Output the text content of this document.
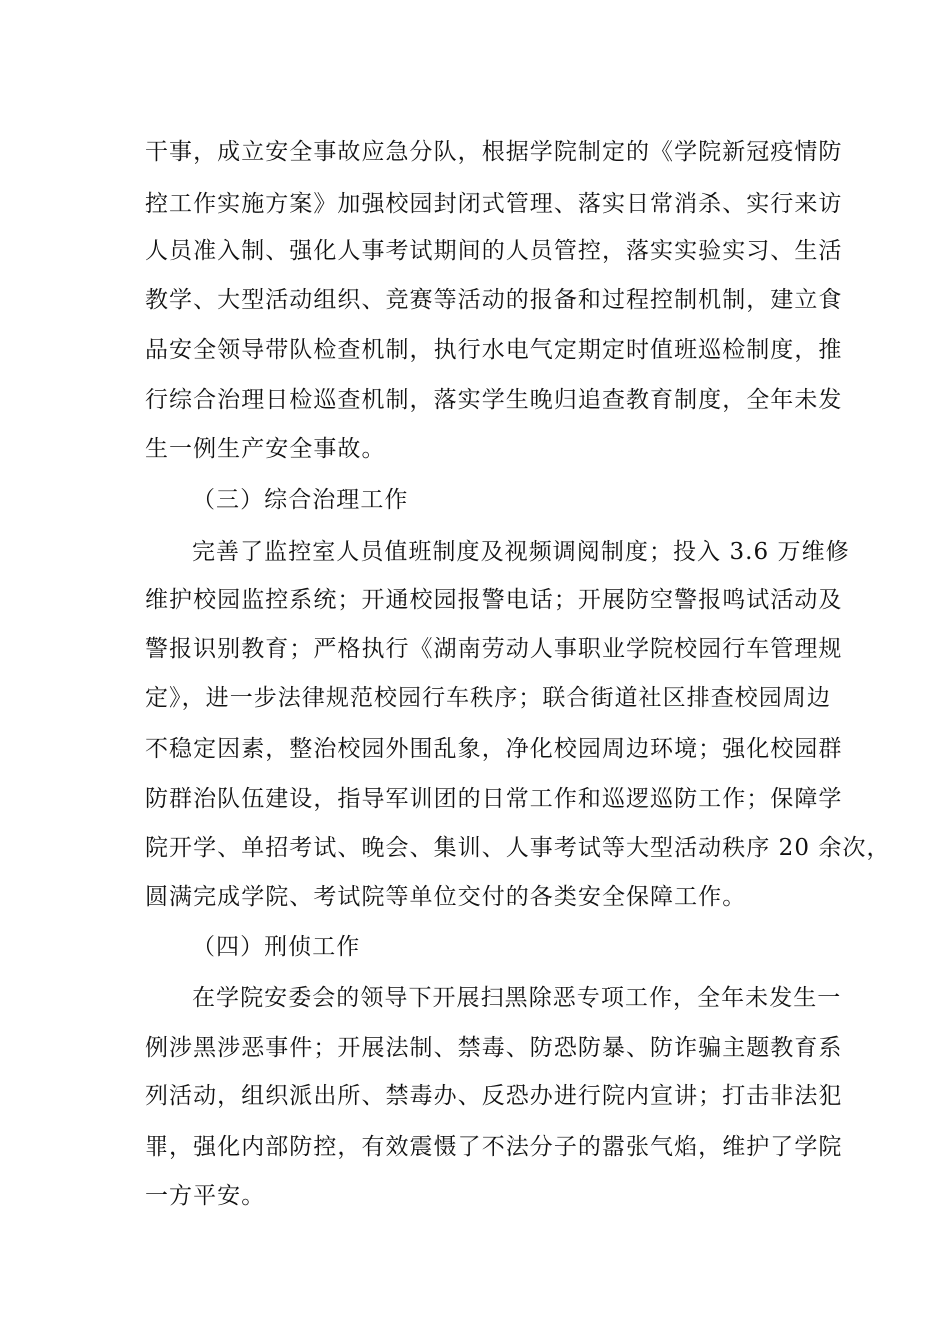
干事，成立安全事故应急分队，根据学院制定的《学院新冠疫情防
控工作实施方案》加强校园封闭式管理、落实日常消杀、实行来访
人员准入制、强化人事考试期间的人员管控，落实实验实习、生活
教学、大型活动组织、竞赛等活动的报备和过程控制机制，建立食
品安全领导带队检查机制，执行水电气定期定时值班巡检制度，推
行综合治理日检巡查机制，落实学生晚归追查教育制度，全年未发
生一例生产安全事故。
（三）综合治理工作
完善了监控室人员值班制度及视频调阅制度；投入 3.6 万维修
维护校园监控系统；开通校园报警电话；开展防空警报鸣试活动及
警报识别教育；严格执行《湖南劳动人事职业学院校园行车管理规
定》，进一步法律规范校园行车秩序；联合街道社区排查校园周边
不稳定因素，整治校园外围乱象，净化校园周边环境；强化校园群
防群治队伍建设，指导军训团的日常工作和巡逻巡防工作；保障学
院开学、单招考试、晚会、集训、人事考试等大型活动秩序 20 余次，
圆满完成学院、考试院等单位交付的各类安全保障工作。
（四）刑侦工作
在学院安委会的领导下开展扫黑除恶专项工作，全年未发生一
例涉黑涉恶事件；开展法制、禁毒、防恐防暴、防诈骗主题教育系
列活动，组织派出所、禁毒办、反恐办进行院内宣讲；打击非法犯
罪，强化内部防控，有效震慑了不法分子的嚣张气焰，维护了学院
一方平安。
